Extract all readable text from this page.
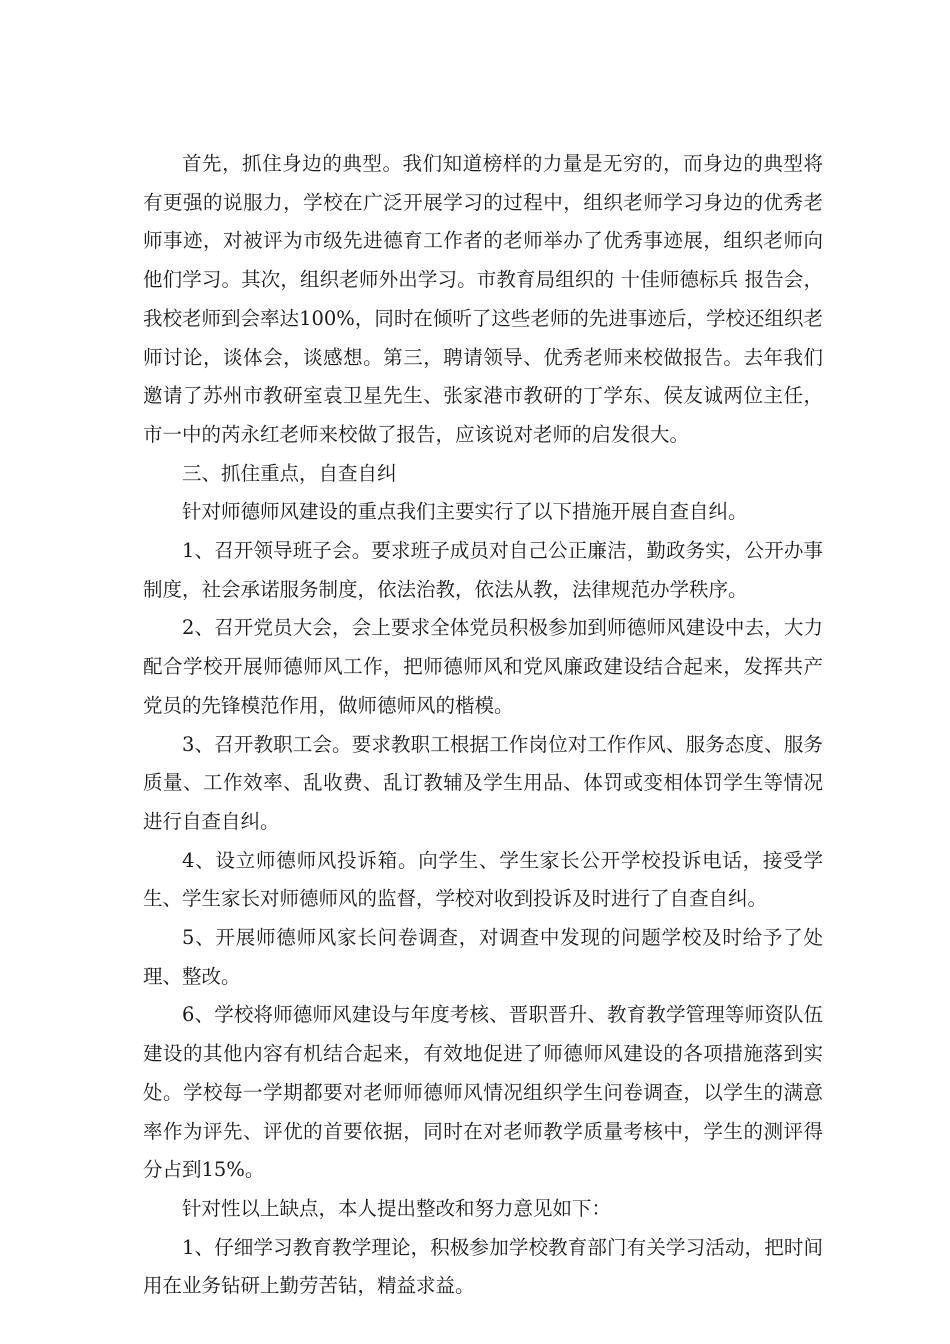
首先，抓住身边的典型。我们知道榜样的力量是无穷的，而身边的典型将有更强的说服力，学校在广泛开展学习的过程中，组织老师学习身边的优秀老师事迹，对被评为市级先进德育工作者的老师举办了优秀事迹展，组织老师向他们学习。其次，组织老师外出学习。市教育局组织的 十佳师德标兵 报告会，我校老师到会率达100%，同时在倾听了这些老师的先进事迹后，学校还组织老师讨论，谈体会，谈感想。第三，聘请领导、优秀老师来校做报告。去年我们邀请了苏州市教研室袁卫星先生、张家港市教研的丁学东、侯友诚两位主任，市一中的芮永红老师来校做了报告，应该说对老师的启发很大。

三、抓住重点，自查自纠

针对师德师风建设的重点我们主要实行了以下措施开展自查自纠。

1、召开领导班子会。要求班子成员对自己公正廉洁，勤政务实，公开办事制度，社会承诺服务制度，依法治教，依法从教，法律规范办学秩序。

2、召开党员大会，会上要求全体党员积极参加到师德师风建设中去，大力配合学校开展师德师风工作，把师德师风和党风廉政建设结合起来，发挥共产党员的先锋模范作用，做师德师风的楷模。

3、召开教职工会。要求教职工根据工作岗位对工作作风、服务态度、服务质量、工作效率、乱收费、乱订教辅及学生用品、体罚或变相体罚学生等情况进行自查自纠。

4、设立师德师风投诉箱。向学生、学生家长公开学校投诉电话，接受学生、学生家长对师德师风的监督，学校对收到投诉及时进行了自查自纠。

5、开展师德师风家长问卷调查，对调查中发现的问题学校及时给予了处理、整改。

6、学校将师德师风建设与年度考核、晋职晋升、教育教学管理等师资队伍建设的其他内容有机结合起来，有效地促进了师德师风建设的各项措施落到实处。学校每一学期都要对老师师德师风情况组织学生问卷调查，以学生的满意率作为评先、评优的首要依据，同时在对老师教学质量考核中，学生的测评得分占到15%。

针对性以上缺点，本人提出整改和努力意见如下：

1、仔细学习教育教学理论，积极参加学校教育部门有关学习活动，把时间用在业务钻研上勤劳苦钻，精益求益。
